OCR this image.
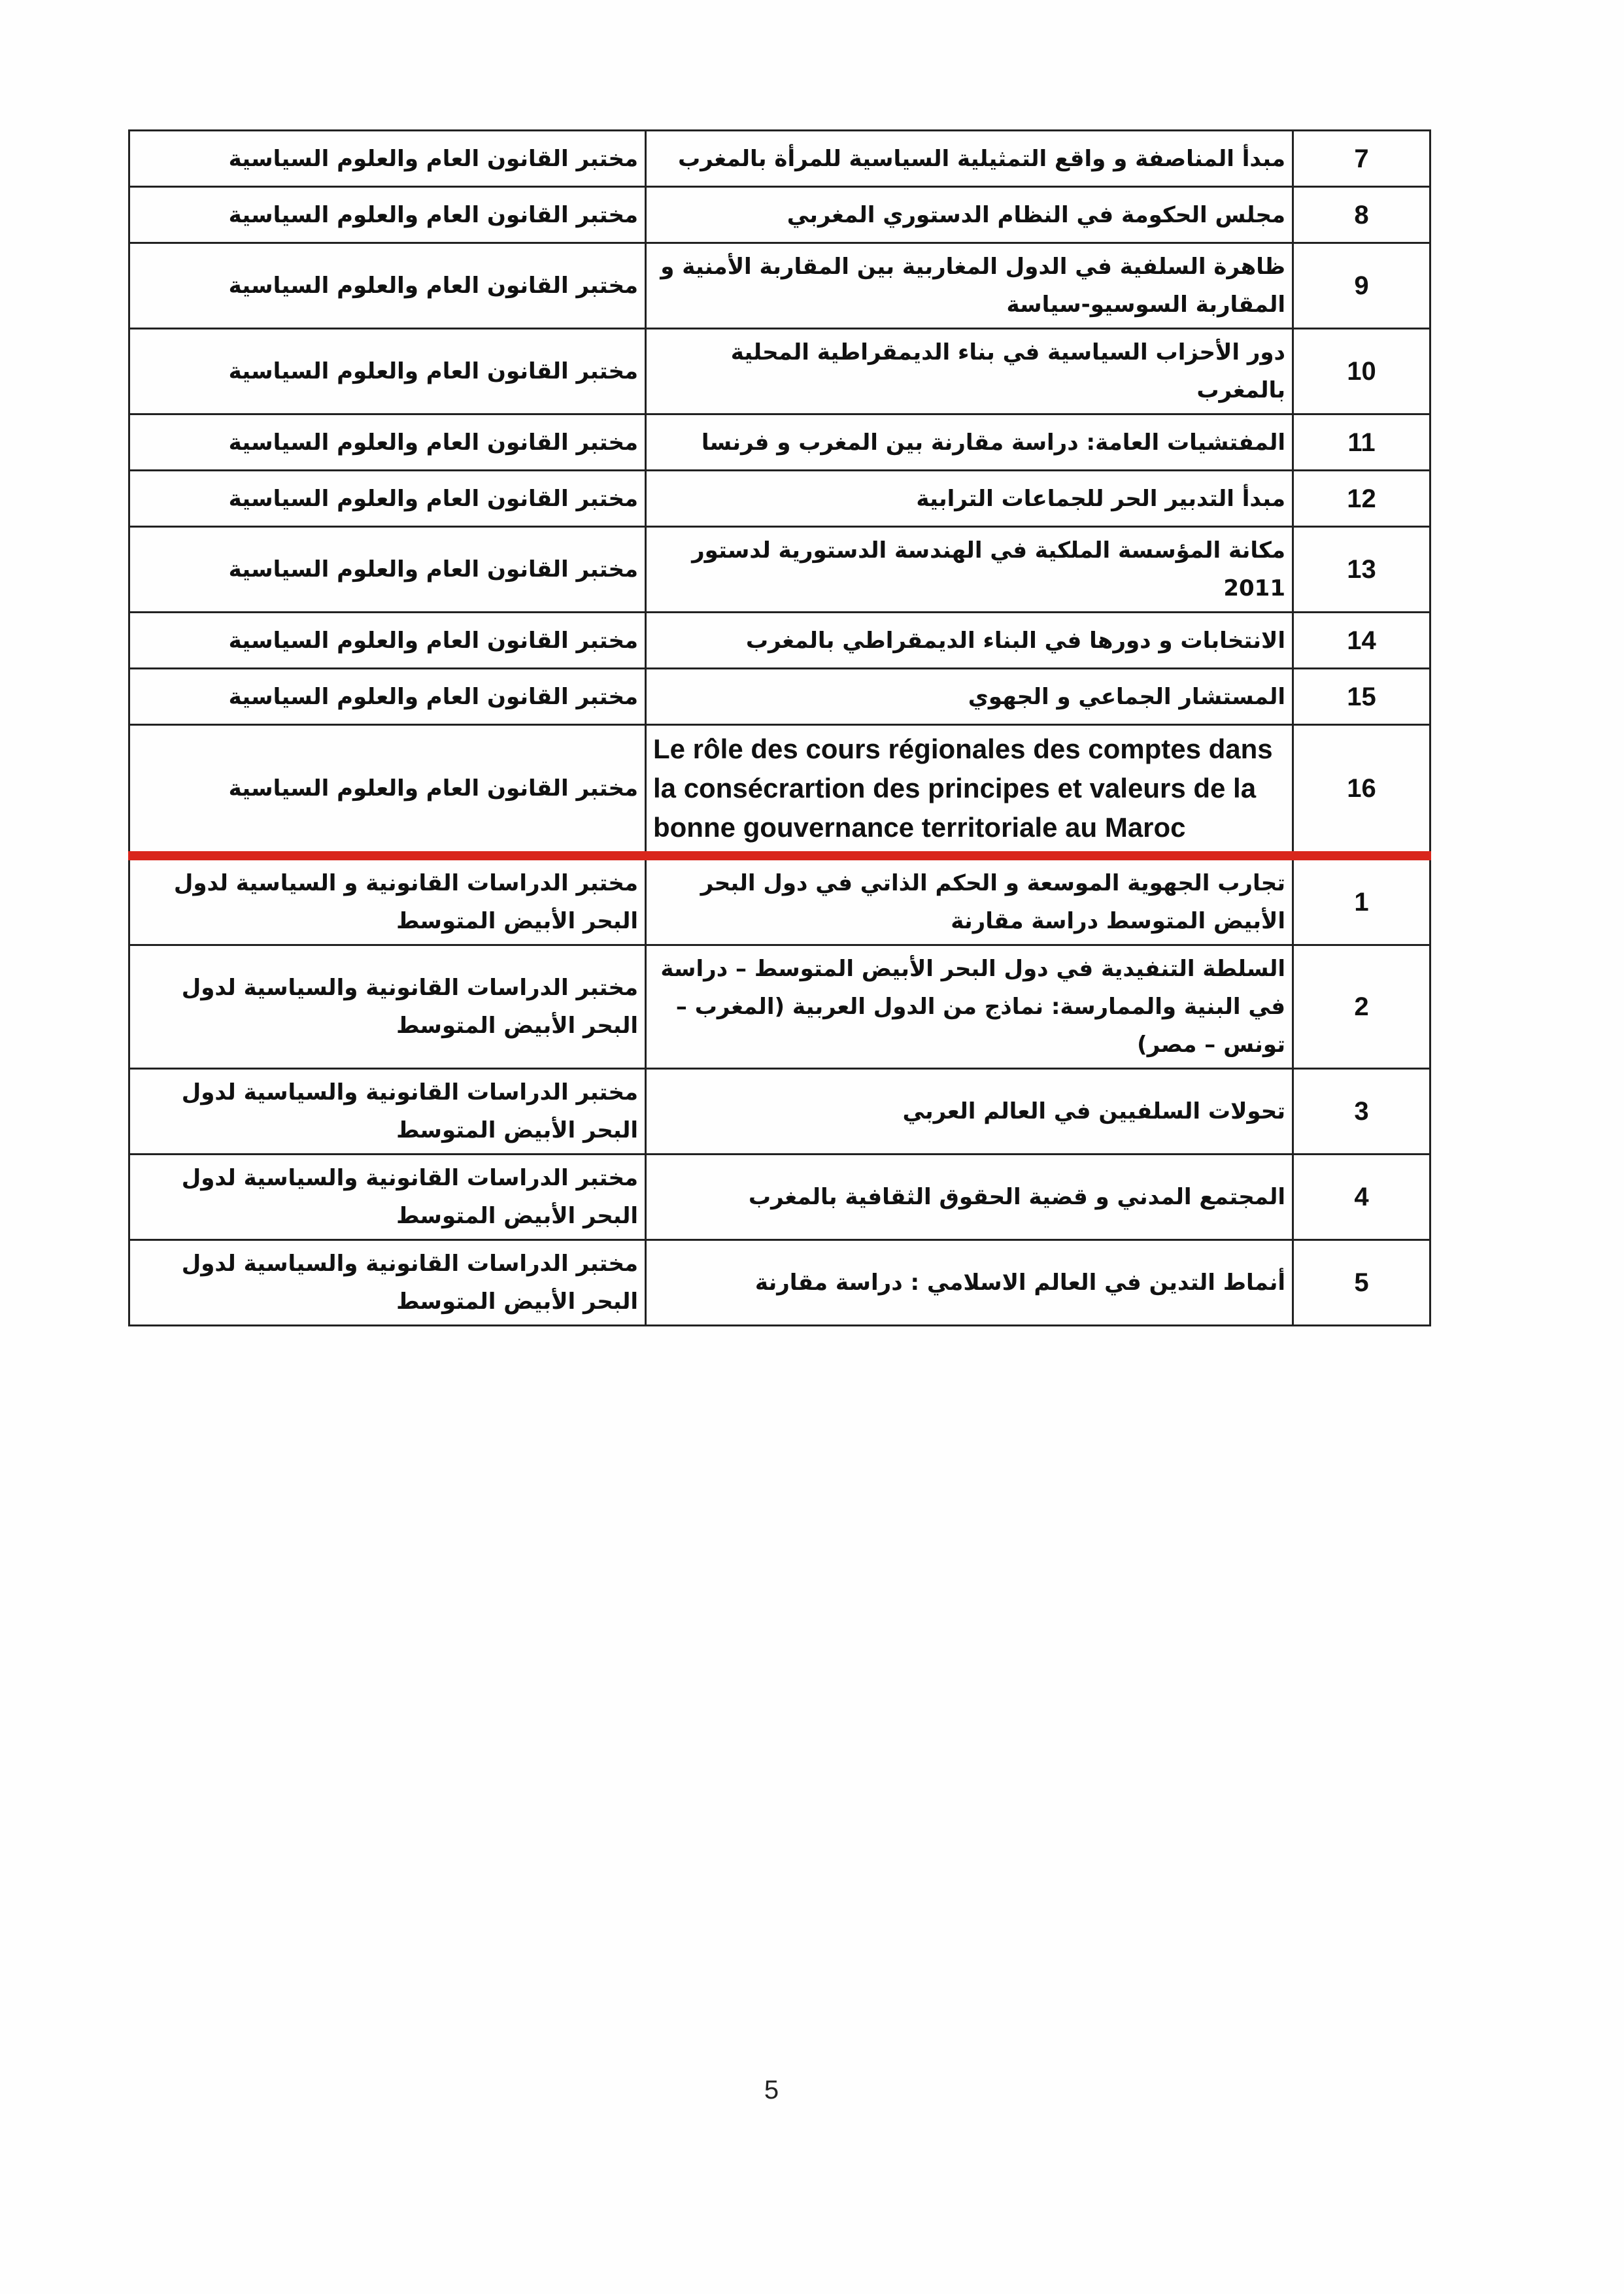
مختبر القانون العام والعلوم السياسية	مبدأ المناصفة و واقع التمثيلية السياسية للمرأة بالمغرب	7
مختبر القانون العام والعلوم السياسية	مجلس الحكومة في النظام الدستوري المغربي	8
مختبر القانون العام والعلوم السياسية	ظاهرة السلفية في الدول المغاربية بين المقاربة الأمنية و المقاربة السوسيو-سياسة	9
مختبر القانون العام والعلوم السياسية	دور الأحزاب السياسية في بناء الديمقراطية المحلية بالمغرب	10
مختبر القانون العام والعلوم السياسية	المفتشيات العامة: دراسة مقارنة بين المغرب و فرنسا	11
مختبر القانون العام والعلوم السياسية	مبدأ التدبير الحر للجماعات الترابية	12
مختبر القانون العام والعلوم السياسية	مكانة المؤسسة الملكية في الهندسة الدستورية لدستور 2011	13
مختبر القانون العام والعلوم السياسية	الانتخابات و دورها في البناء الديمقراطي بالمغرب	14
مختبر القانون العام والعلوم السياسية	المستشار الجماعي و الجهوي	15
مختبر القانون العام والعلوم السياسية	Le rôle des cours régionales des comptes dans la consécrartion des principes et valeurs de la bonne gouvernance territoriale au Maroc	16
مختبر الدراسات القانونية و السياسية لدول البحر الأبيض المتوسط	تجارب الجهوية الموسعة و الحكم الذاتي في دول البحر الأبيض المتوسط دراسة مقارنة	1
مختبر الدراسات القانونية والسياسية لدول البحر الأبيض المتوسط	السلطة التنفيدية في دول البحر الأبيض المتوسط – دراسة في البنية والممارسة: نماذج من الدول العربية (المغرب – تونس – مصر)	2
مختبر الدراسات القانونية والسياسية لدول البحر الأبيض المتوسط	تحولات السلفيين في العالم العربي	3
مختبر الدراسات القانونية والسياسية لدول البحر الأبيض المتوسط	المجتمع المدني و قضية الحقوق الثقافية بالمغرب	4
مختبر الدراسات القانونية والسياسية لدول البحر الأبيض المتوسط	أنماط التدين في العالم الاسلامي : دراسة مقارنة	5
5
